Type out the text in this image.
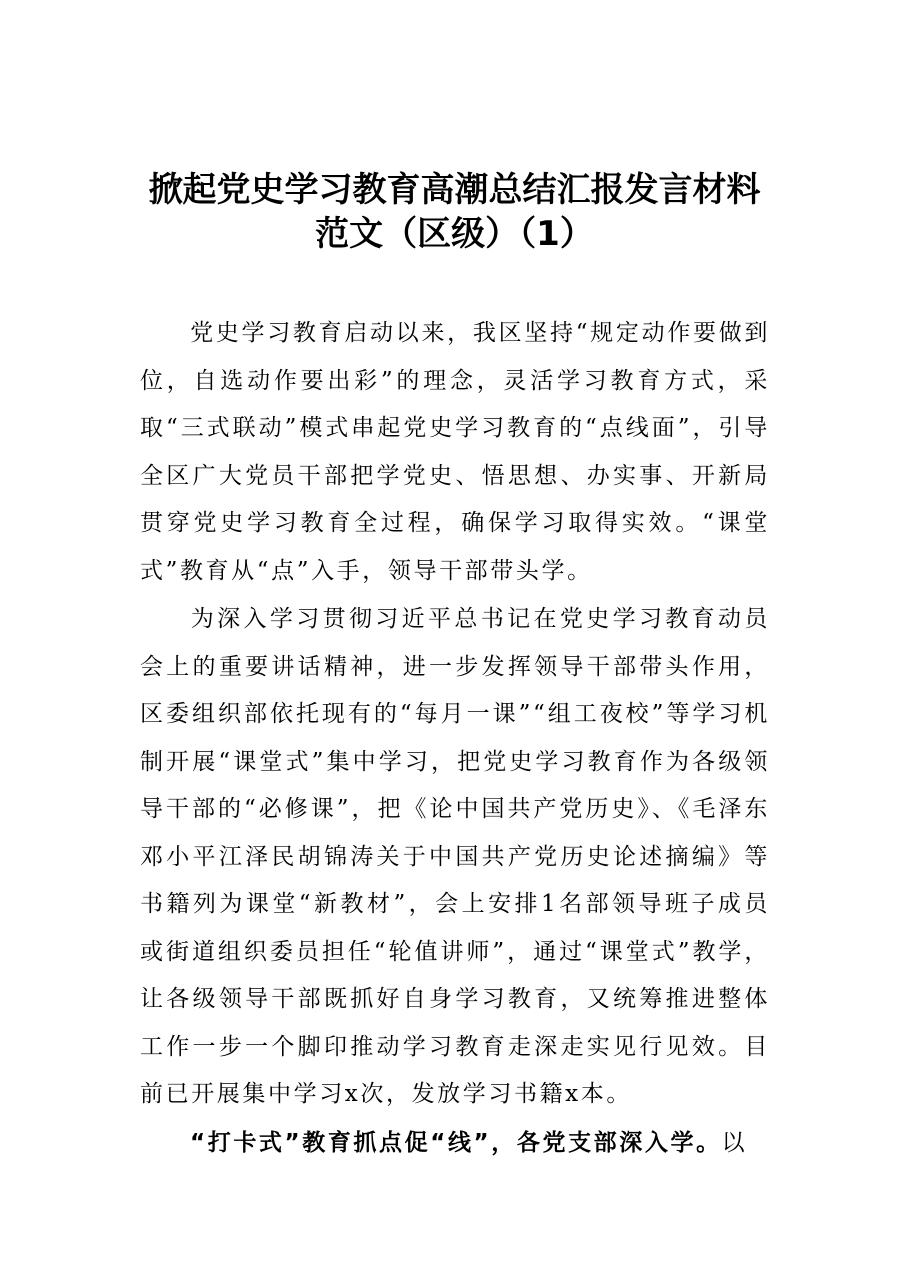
掀起党史学习教育高潮总结汇报发言材料
范文（区级）（1）
党史学习教育启动以来，我区坚持“规定动作要做到位，自选动作要出彩”的理念，灵活学习教育方式，采取“三式联动”模式串起党史学习教育的“点线面”，引导全区广大党员干部把学党史、悟思想、办实事、开新局贯穿党史学习教育全过程，确保学习取得实效。“课堂式”教育从“点”入手，领导干部带头学。
为深入学习贯彻习近平总书记在党史学习教育动员会上的重要讲话精神，进一步发挥领导干部带头作用，区委组织部依托现有的“每月一课”“组工夜校”等学习机制开展“课堂式”集中学习，把党史学习教育作为各级领导干部的“必修课”，把《论中国共产党历史》、《毛泽东邓小平江泽民胡锦涛关于中国共产党历史论述摘编》等书籍列为课堂“新教材”，会上安排1名部领导班子成员或街道组织委员担任“轮值讲师”，通过“课堂式”教学，让各级领导干部既抓好自身学习教育，又统筹推进整体工作一步一个脚印推动学习教育走深走实见行见效。目前已开展集中学习x次，发放学习书籍x本。
“打卡式”教育抓点促“线”，各党支部深入学。以
